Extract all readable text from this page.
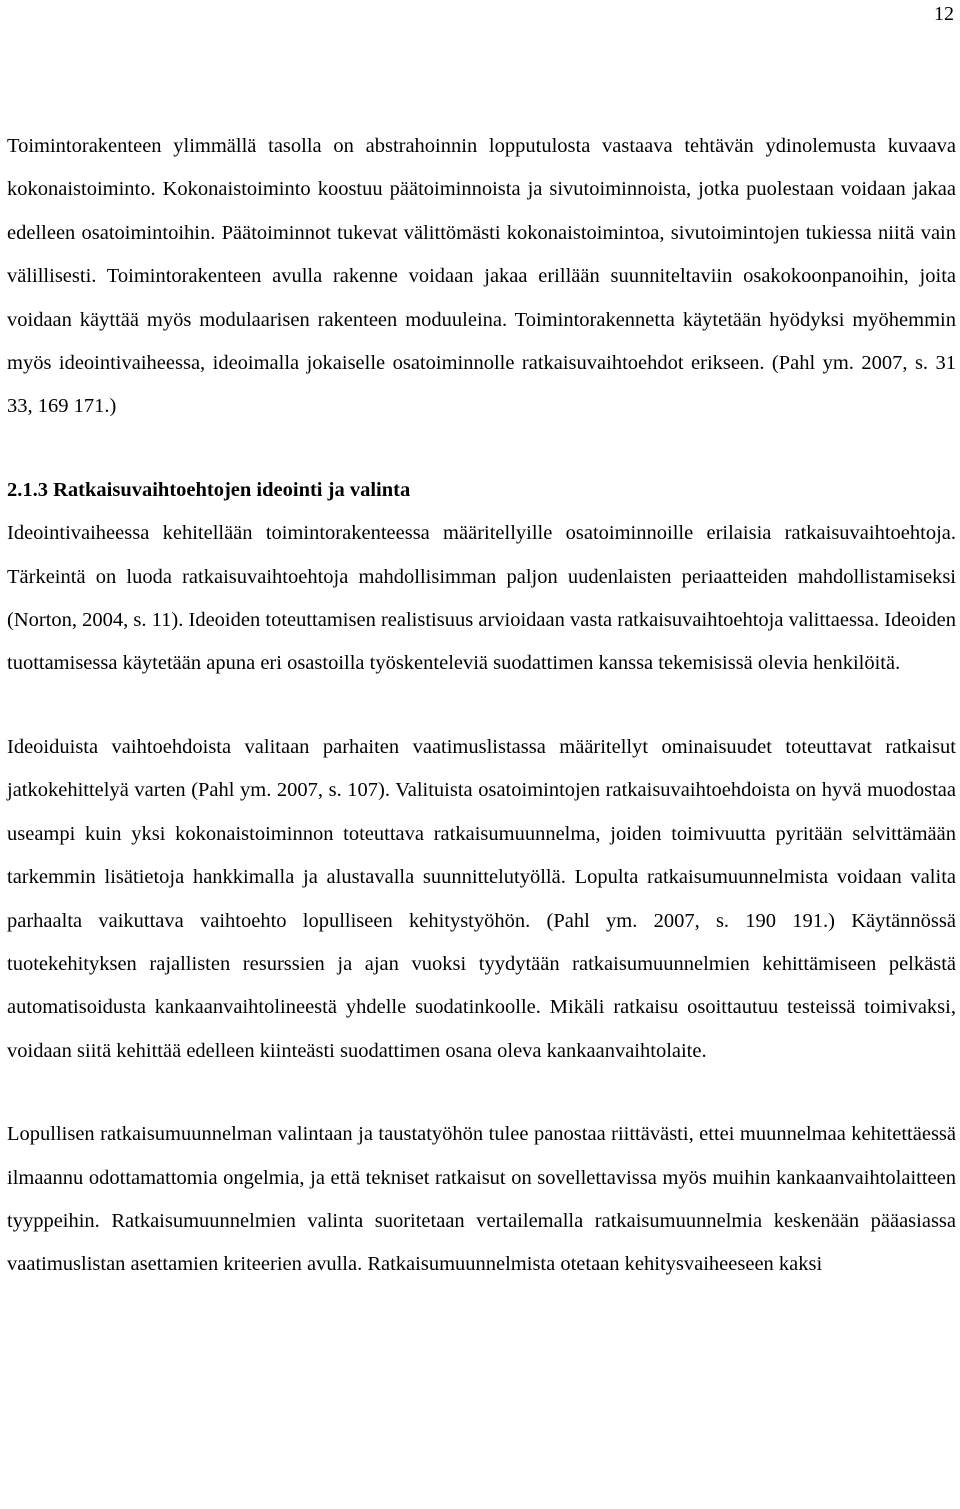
12

Toimintorakenteen ylimmällä tasolla on abstrahoinnin lopputulosta vastaava tehtävän ydinolemusta kuvaava kokonaistoiminto. Kokonaistoiminto koostuu päätoiminnoista ja sivutoiminnoista, jotka puolestaan voidaan jakaa edelleen osatoimintoihin. Päätoiminnot tukevat välittömästi kokonaistoimintoa, sivutoimintojen tukiessa niitä vain välillisesti. Toimintorakenteen avulla rakenne voidaan jakaa erillään suunniteltaviin osakokoonpanoihin, joita voidaan käyttää myös modulaarisen rakenteen moduuleina. Toimintorakennetta käytetään hyödyksi myöhemmin myös ideointivaiheessa, ideoimalla jokaiselle osatoiminnolle ratkaisuvaihtoehdot erikseen. (Pahl ym. 2007, s. 31 33, 169 171.)

2.1.3 Ratkaisuvaihtoehtojen ideointi ja valinta

Ideointivaiheessa kehitellään toimintorakenteessa määritellyille osatoiminnoille erilaisia ratkaisuvaihtoehtoja. Tärkeintä on luoda ratkaisuvaihtoehtoja mahdollisimman paljon uudenlaisten periaatteiden mahdollistamiseksi (Norton, 2004, s. 11). Ideoiden toteuttamisen realistisuus arvioidaan vasta ratkaisuvaihtoehtoja valittaessa. Ideoiden tuottamisessa käytetään apuna eri osastoilla työskenteleviä suodattimen kanssa tekemisissä olevia henkilöitä.

Ideoiduista vaihtoehdoista valitaan parhaiten vaatimuslistassa määritellyt ominaisuudet toteuttavat ratkaisut jatkokehittelyä varten (Pahl ym. 2007, s. 107). Valituista osatoimintojen ratkaisuvaihtoehdoista on hyvä muodostaa useampi kuin yksi kokonaistoiminnon toteuttava ratkaisumuunnelma, joiden toimivuutta pyritään selvittämään tarkemmin lisätietoja hankkimalla ja alustavalla suunnittelutyöllä. Lopulta ratkaisumuunnelmista voidaan valita parhaalta vaikuttava vaihtoehto lopulliseen kehitystyöhön. (Pahl ym. 2007, s. 190 191.) Käytännössä tuotekehityksen rajallisten resurssien ja ajan vuoksi tyydytään ratkaisumuunnelmien kehittämiseen pelkästä automatisoidusta kankaanvaihtolineestä yhdelle suodatinkoolle. Mikäli ratkaisu osoittautuu testeissä toimivaksi, voidaan siitä kehittää edelleen kiinteästi suodattimen osana oleva kankaanvaihtolaite.

Lopullisen ratkaisumuunnelman valintaan ja taustatyöhön tulee panostaa riittävästi, ettei muunnelmaa kehitettäessä ilmaannu odottamattomia ongelmia, ja että tekniset ratkaisut on sovellettavissa myös muihin kankaanvaihtolaitteen tyyppeihin. Ratkaisumuunnelmien valinta suoritetaan vertailemalla ratkaisumuunnelmia keskenään pääasiassa vaatimuslistan asettamien kriteerien avulla. Ratkaisumuunnelmista otetaan kehitysvaiheeseen kaksi
